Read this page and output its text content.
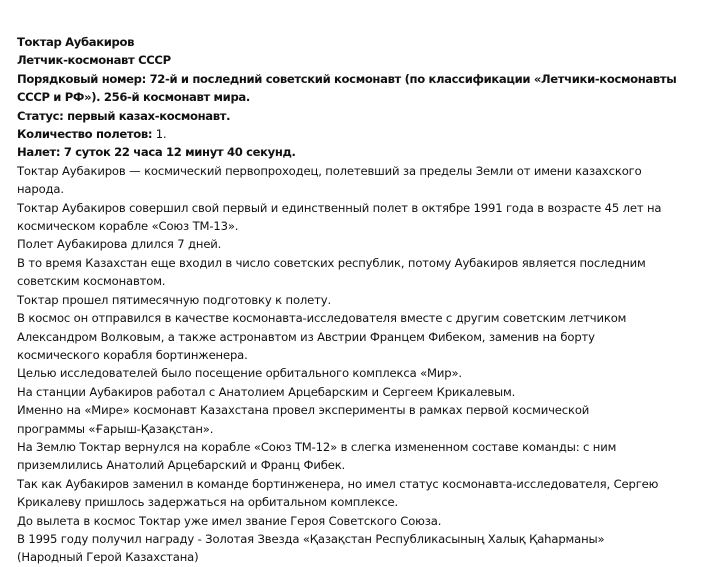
Токтар Аубакиров
Летчик-космонавт СССР
Порядковый номер: 72-й и последний советский космонавт (по классификации «Летчики-космонавты
СССР и РФ»). 256-й космонавт мира.
Статус: первый казах-космонавт.
Количество полетов: 1.
Налет: 7 суток 22 часа 12 минут 40 секунд.
Токтар Аубакиров — космический первопроходец, полетевший за пределы Земли от имени казахского
народа.
Токтар Аубакиров совершил свой первый и единственный полет в октябре 1991 года в возрасте 45 лет на
космическом корабле «Союз ТМ-13».
Полет Аубакирова длился 7 дней.
В то время Казахстан еще входил в число советских республик, потому Аубакиров является последним
советским космонавтом.
Токтар прошел пятимесячную подготовку к полету.
В космос он отправился в качестве космонавта-исследователя вместе с другим советским летчиком
Александром Волковым, а также астронавтом из Австрии Францем Фибеком, заменив на борту
космического корабля бортинженера.
Целью исследователей было посещение орбитального комплекса «Мир».
На станции Аубакиров работал с Анатолием Арцебарским и Сергеем Крикалевым.
Именно на «Мире» космонавт Казахстана провел эксперименты в рамках первой космической
программы «Ғарыш-Қазақстан».
На Землю Токтар вернулся на корабле «Союз ТМ-12» в слегка измененном составе команды: с ним
приземлились Анатолий Арцебарский и Франц Фибек.
Так как Аубакиров заменил в команде бортинженера, но имел статус космонавта-исследователя, Сергею
Крикалеву пришлось задержаться на орбитальном комплексе.
До вылета в космос Токтар уже имел звание Героя Советского Союза.
В 1995 году получил награду - Золотая Звезда «Қазақстан Республикасының Халық Қаһарманы»
(Народный Герой Казахстана)
